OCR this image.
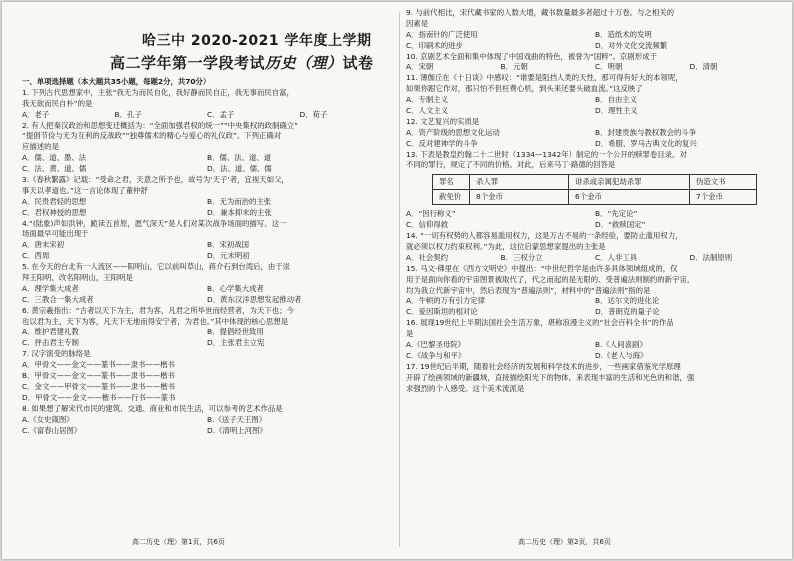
哈三中 2020-2021 学年度上学期
高二学年第一学段考试历史（理）试卷
一、单项选择题（本大题共35小题，每题2分，共70分）
1. 下列古代思想家中，主张“我无为而民自化，我好静而民自正，我无事而民自富，
我无欲而民自朴”的是
A．老子	B．孔子	C．孟子	D．荀子
2. 有人把秦汉政治和思想变迁概括为：“全面加强君权的统一”“中央集权的政制确立”
“提倡节俭与无为互利的反战政”“独尊儒术的精心与爱心的礼仪政”。下列正确对
应描述的是
A．儒、道、墨、法	B．儒、法、道、道
C．法、黄、道、儒	D．法、道、儒、儒
3.《春秋繁露》记载：“受命之君，天意之所予也，故号为‘天子’者，宜视天如父，
事天以孝道也。”这一言论体现了董仲舒
A．民贵君轻的思想	B．无为而治的主张
C．君权神授的思想	D．兼本抑末的主张
4.“(陆象)声如洪钟，跪读五首原，愿气深天”是人们对某次战争场面的描写。这一
场面最早可能出现于
A．唐末宋初	B．宋初战国
C．西周	D．元末明初
5. 在今天的台北有一人流区——阳明山，它以前叫草山，蒋介石到台湾后，由于崇
拜王阳明，改名阳明山，王阳明是
A．理学集大成者	B．心学集大成者
C．三教合一集大成者	D．黄东汉洋思想发起推动者
6. 黄宗羲指出：“古者以天下为主，君为客，凡君之所毕世而经营者，为天下也；今
也以君为主，天下为客，凡天下无地而得安宁者，为君也。”其中体现的核心思想是
A．维护君建礼教	B．提倡经世致用
C．抨击君主专制	D．主张君主立宪
7. 汉字演变的脉络是
A．甲骨文——金文——篆书——隶书——楷书
B．甲骨文——金文——篆书——隶书——楷书
C．金文——甲骨文——篆书——隶书——楷书
D．甲骨文——金文——楷书——行书——篆书
8. 如果想了解宋代市民的建筑、交通、商业和市民生活，可以参考的艺术作品是
A.《女史箴图》	B.《送子天王图》
C.《富春山居图》	D.《清明上河图》
高二历史（理）第1页，共6页
9. 与前代相比，宋代藏书家的人数大增，藏书数量最多者超过十万卷。与之相关的
因素是
A．指南针的广泛使用	B．造纸术的发明
C．印刷术的进步	D．对外文化交流频繁
10. 京剧艺术全面和集中体现了中国戏曲的特色，被誉为“国粹”。京剧形成于
A．宋朝	B．元朝	C．明朝	D．清朝
11. 薄伽丘在《十日谈》中感叹：“谁要是阻挡人类的天性，那可得有好大的本领呢，
如果你跟它作对，那只怕不但枉费心机，到头来还要头破血流。”这反映了
A．专制主义	B．自由主义
C．人文主义	D．理性主义
12. 文艺复兴的实质是
A．资产阶级的思想文化运动	B．封建贵族与教权教会的斗争
C．反对建神学的斗争	D．希腊、罗马古典文化的复兴
13. 下表是教皇约翰二十二世时（1334—1342年）制定的一个公开的赎罪卷目录。对
不同的罪行，规定了不同的价格。对此，后来马丁·路德的回答是
罪名	杀人罪	诽杀或亲属犯劫杀罪	伪造文书
赦免价	8个金币	6个金币	7个金币
A．“因行称义”	B．“先定论”
C．信仰得救	D．“救赎国定”
14. “一切有权势的人都容易滥用权力，这是万古不易的一条经验，要防止滥用权力，
就必须以权力约束权利。”为此，这位启蒙思想家提出的主张是
A．社会契约	B．三权分立	C．人非工具	D．法制原则
15. 马文·佛里在《西方文明史》中提出：“中世纪哲学是由许多具体领域组成的，仅
用于是面向你看的宇宙图景被取代了，代之而起的是无限的、受普遍法则制约的新宇宙，
均为我立代新宇宙中，然后表现为“普遍法则”，材料中的“普遍法则”指的是
A．牛顿的万有引力定律	B．达尔文的进化论
C．爱因斯坦的相对论	D．普朗克的量子论
16. 展现19世纪上半期法国社会生活万象，堪称浪漫主义的“社会百科全书”的作品
是
A.《巴黎圣母院》	B.《人间喜剧》
C.《战争与和平》	D.《老人与海》
17. 19世纪后半期，随着社会经济的发展和科学技术的进步，一些画家借鉴光学原理
开辟了绘画领域的新疆域，直接描绘阳光下的物体，来表现丰富的生活和光色的和谐，强
求强烈的个人感受。这个美术流派是
高二历史（理）第2页，共6页
